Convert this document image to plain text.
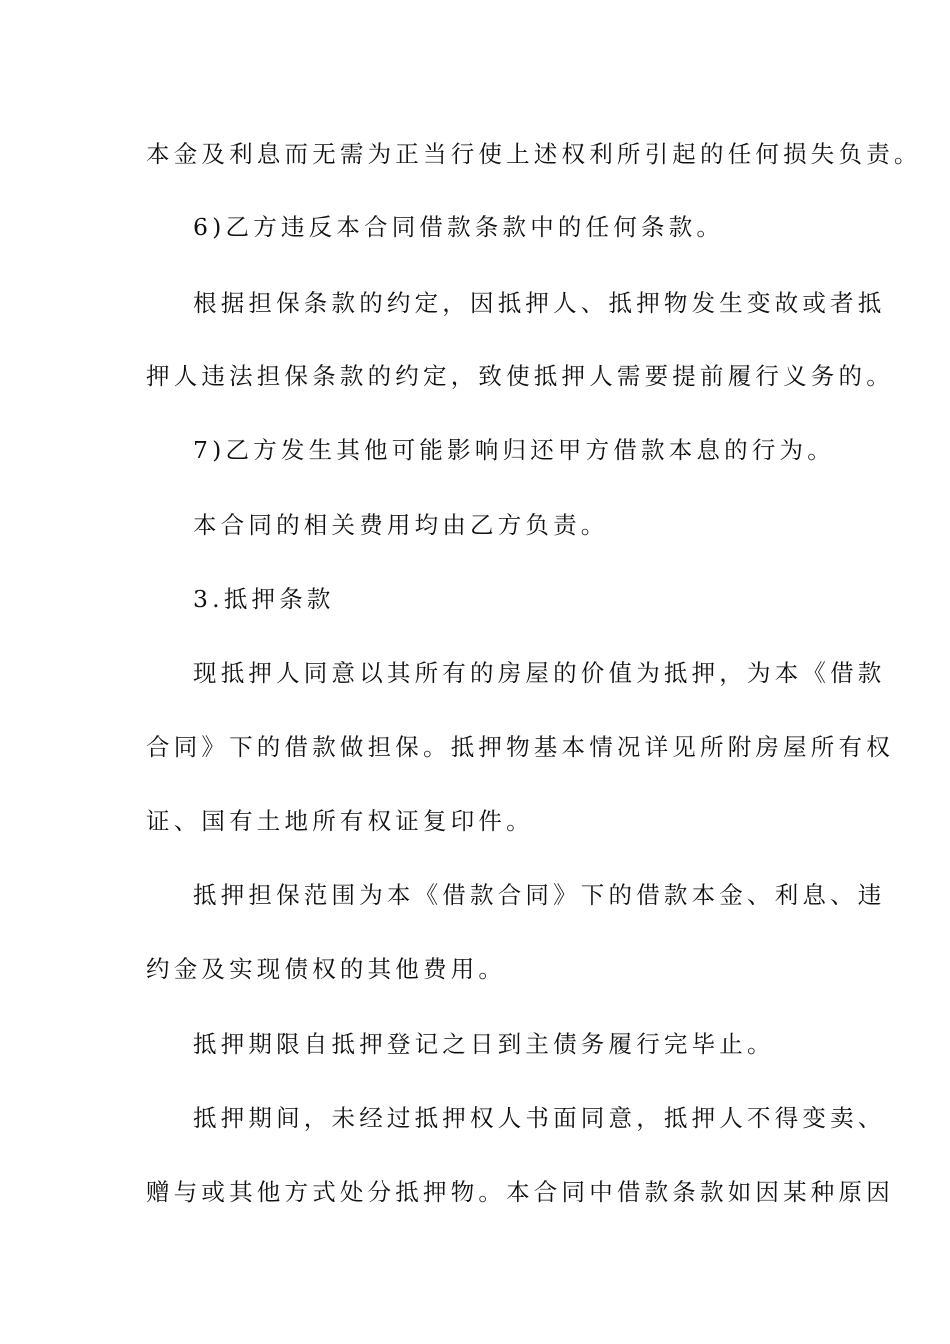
本金及利息而无需为正当行使上述权利所引起的任何损失负责。
6)乙方违反本合同借款条款中的任何条款。
根据担保条款的约定，因抵押人、抵押物发生变故或者抵
押人违法担保条款的约定，致使抵押人需要提前履行义务的。
7)乙方发生其他可能影响归还甲方借款本息的行为。
本合同的相关费用均由乙方负责。
3.抵押条款
现抵押人同意以其所有的房屋的价值为抵押，为本《借款
合同》下的借款做担保。抵押物基本情况详见所附房屋所有权
证、国有土地所有权证复印件。
抵押担保范围为本《借款合同》下的借款本金、利息、违
约金及实现债权的其他费用。
抵押期限自抵押登记之日到主债务履行完毕止。
抵押期间，未经过抵押权人书面同意，抵押人不得变卖、
赠与或其他方式处分抵押物。本合同中借款条款如因某种原因
